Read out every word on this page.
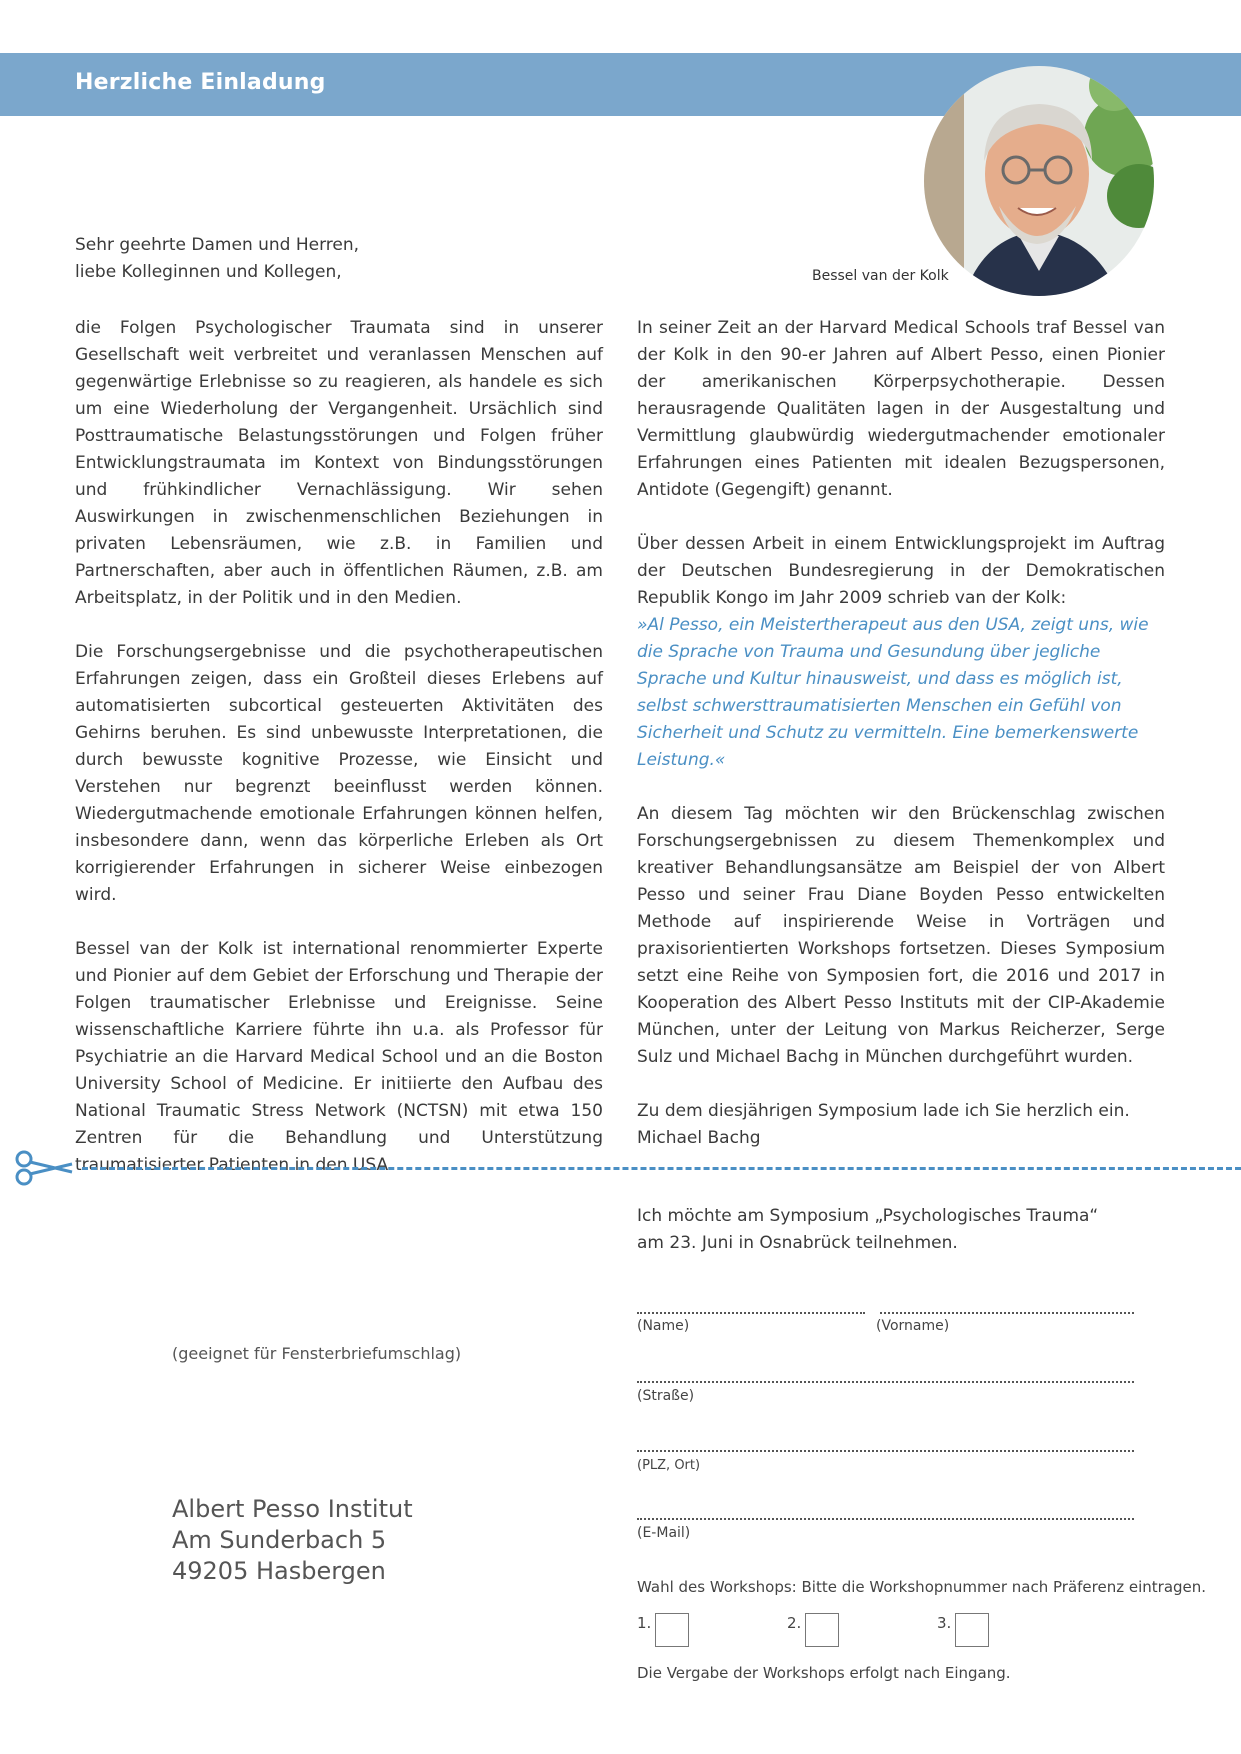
Herzliche Einladung
Bessel van der Kolk

Sehr geehrte Damen und Herren,

liebe Kolleginnen und Kollegen,

die Folgen Psychologischer Traumata sind in unserer Gesellschaft weit verbreitet und veranlassen Menschen auf gegenwärtige Erlebnisse so zu reagieren, als handele es sich um eine Wiederholung der Vergangenheit. Ursächlich sind Posttraumatische Belastungsstörungen und Folgen früher Entwicklungstraumata im Kontext von Bindungsstörungen und frühkindlicher Vernachlässigung. Wir sehen Auswirkungen in zwischenmenschlichen Beziehungen in privaten Lebensräumen, wie z.B. in Familien und Partnerschaften, aber auch in öffentlichen Räumen, z.B. am Arbeitsplatz, in der Politik und in den Medien.

Die Forschungsergebnisse und die psychotherapeutischen Erfahrungen zeigen, dass ein Großteil dieses Erlebens auf automatisierten subcortical gesteuerten Aktivitäten des Gehirns beruhen. Es sind unbewusste Interpretationen, die durch bewusste kognitive Prozesse, wie Einsicht und Verstehen nur begrenzt beeinflusst werden können. Wiedergutmachende emotionale Erfahrungen können helfen, insbesondere dann, wenn das körperliche Erleben als Ort korrigierender Erfahrungen in sicherer Weise einbezogen wird.

Bessel van der Kolk ist international renommierter Experte und Pionier auf dem Gebiet der Erforschung und Therapie der Folgen traumatischer Erlebnisse und Ereignisse. Seine wissenschaftliche Karriere führte ihn u.a. als Professor für Psychiatrie an die Harvard Medical School und an die Boston University School of Medicine. Er initiierte den Aufbau des National Traumatic Stress Network (NCTSN) mit etwa 150 Zentren für die Behandlung und Unterstützung traumatisierter Patienten in den USA.

In seiner Zeit an der Harvard Medical Schools traf Bessel van der Kolk in den 90-er Jahren auf Albert Pesso, einen Pionier der amerikanischen Körperpsychotherapie. Dessen herausragende Qualitäten lagen in der Ausgestaltung und Vermittlung glaubwürdig wiedergutmachender emotionaler Erfahrungen eines Patienten mit idealen Bezugspersonen, Antidote (Gegengift) genannt.

Über dessen Arbeit in einem Entwicklungsprojekt im Auftrag der Deutschen Bundesregierung in der Demokratischen Republik Kongo im Jahr 2009 schrieb van der Kolk:

»Al Pesso, ein Meistertherapeut aus den USA, zeigt uns, wie die Sprache von Trauma und Gesundung über jegliche Sprache und Kultur hinausweist, und dass es möglich ist, selbst schwersttraumatisierten Menschen ein Gefühl von Sicherheit und Schutz zu vermitteln. Eine bemerkenswerte Leistung.«

An diesem Tag möchten wir den Brückenschlag zwischen Forschungsergebnissen zu diesem Themenkomplex und kreativer Behandlungsansätze am Beispiel der von Albert Pesso und seiner Frau Diane Boyden Pesso entwickelten Methode auf inspirierende Weise in Vorträgen und praxisorientierten Workshops fortsetzen. Dieses Symposium setzt eine Reihe von Symposien fort, die 2016 und 2017 in Kooperation des Albert Pesso Instituts mit der CIP-Akademie München, unter der Leitung von Markus Reicherzer, Serge Sulz und Michael Bachg in München durchgeführt wurden.

Zu dem diesjährigen Symposium lade ich Sie herzlich ein.

Michael Bachg

Ich möchte am Symposium „Psychologisches Trauma“
am 23. Juni in Osnabrück teilnehmen.
(geeignet für Fensterbriefumschlag)
Albert Pesso Institut
Am Sunderbach 5
49205 Hasbergen
(Name)	(Vorname)
(Straße)
(PLZ, Ort)
(E-Mail)
Wahl des Workshops: Bitte die Workshopnummer nach Präferenz eintragen.
1.	2.	3.
Die Vergabe der Workshops erfolgt nach Eingang.
